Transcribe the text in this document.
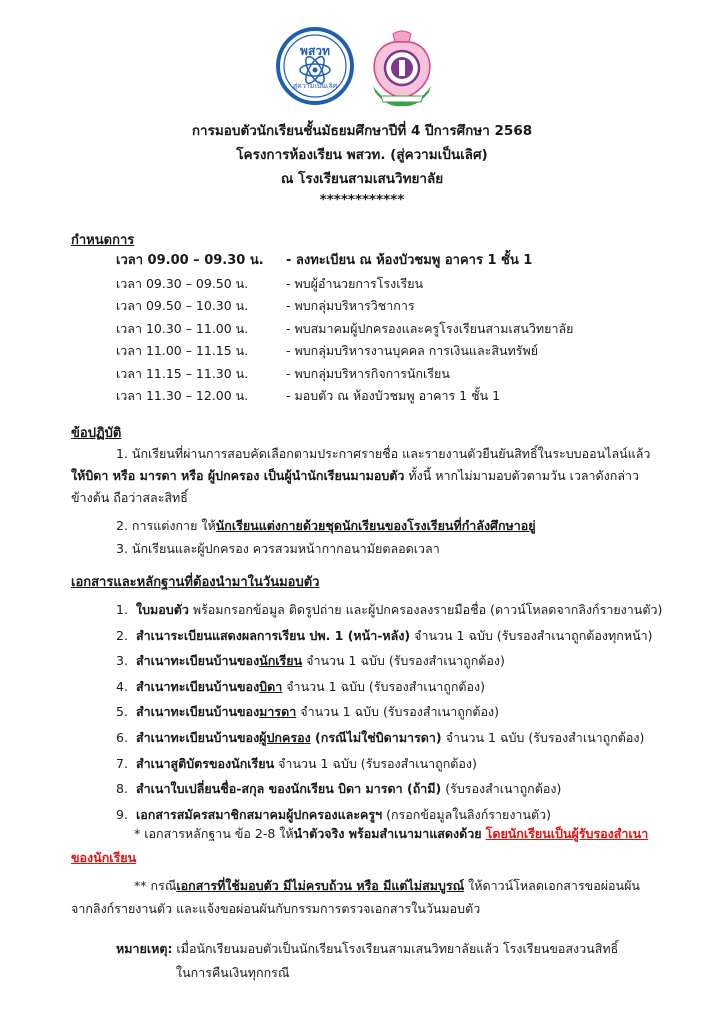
พสวท
สู่ความเป็นเลิศ
การมอบตัวนักเรียนชั้นมัธยมศึกษาปีที่ 4 ปีการศึกษา 2568
โครงการห้องเรียน พสวท. (สู่ความเป็นเลิศ)
ณ โรงเรียนสามเสนวิทยาลัย
************
กำหนดการ
เวลา 09.00 – 09.30 น. - ลงทะเบียน ณ ห้องบัวชมพู อาคาร 1 ชั้น 1
เวลา 09.30 – 09.50 น.	- พบผู้อำนวยการโรงเรียน
เวลา 09.50 – 10.30 น.	- พบกลุ่มบริหารวิชาการ
เวลา 10.30 – 11.00 น.	- พบสมาคมผู้ปกครองและครูโรงเรียนสามเสนวิทยาลัย
เวลา 11.00 – 11.15 น.	- พบกลุ่มบริหารงานบุคคล การเงินและสินทรัพย์
เวลา 11.15 – 11.30 น.	- พบกลุ่มบริหารกิจการนักเรียน
เวลา 11.30 – 12.00 น.	- มอบตัว ณ ห้องบัวชมพู อาคาร 1 ชั้น 1
ข้อปฏิบัติ
1. นักเรียนที่ผ่านการสอบคัดเลือกตามประกาศรายชื่อ และรายงานตัวยืนยันสิทธิ์ในระบบออนไลน์แล้ว
ให้บิดา หรือ มารดา หรือ ผู้ปกครอง เป็นผู้นำนักเรียนมามอบตัว ทั้งนี้ หากไม่มามอบตัวตามวัน เวลาดังกล่าว
ข้างต้น ถือว่าสละสิทธิ์
2. การแต่งกาย ให้นักเรียนแต่งกายด้วยชุดนักเรียนของโรงเรียนที่กำลังศึกษาอยู่
3. นักเรียนและผู้ปกครอง ควรสวมหน้ากากอนามัยตลอดเวลา
เอกสารและหลักฐานที่ต้องนำมาในวันมอบตัว
1. ใบมอบตัว พร้อมกรอกข้อมูล ติดรูปถ่าย และผู้ปกครองลงรายมือชื่อ (ดาวน์โหลดจากลิงก์รายงานตัว)
2. สำเนาระเบียนแสดงผลการเรียน ปพ. 1 (หน้า-หลัง) จำนวน 1 ฉบับ (รับรองสำเนาถูกต้องทุกหน้า)
3. สำเนาทะเบียนบ้านของนักเรียน จำนวน 1 ฉบับ (รับรองสำเนาถูกต้อง)
4. สำเนาทะเบียนบ้านของบิดา จำนวน 1 ฉบับ (รับรองสำเนาถูกต้อง)
5. สำเนาทะเบียนบ้านของมารดา จำนวน 1 ฉบับ (รับรองสำเนาถูกต้อง)
6. สำเนาทะเบียนบ้านของผู้ปกครอง (กรณีไม่ใช่บิดามารดา) จำนวน 1 ฉบับ (รับรองสำเนาถูกต้อง)
7. สำเนาสูติบัตรของนักเรียน จำนวน 1 ฉบับ (รับรองสำเนาถูกต้อง)
8. สำเนาใบเปลี่ยนชื่อ-สกุล ของนักเรียน บิดา มารดา (ถ้ามี) (รับรองสำเนาถูกต้อง)
9. เอกสารสมัครสมาชิกสมาคมผู้ปกครองและครูฯ (กรอกข้อมูลในลิงก์รายงานตัว)
* เอกสารหลักฐาน ข้อ 2-8 ให้นำตัวจริง พร้อมสำเนามาแสดงด้วย โดยนักเรียนเป็นผู้รับรองสำเนา
ของนักเรียน
** กรณีเอกสารที่ใช้มอบตัว มีไม่ครบถ้วน หรือ มีแต่ไม่สมบูรณ์ ให้ดาวน์โหลดเอกสารขอผ่อนผัน
จากลิงก์รายงานตัว และแจ้งขอผ่อนผันกับกรรมการตรวจเอกสารในวันมอบตัว
หมายเหตุ: เมื่อนักเรียนมอบตัวเป็นนักเรียนโรงเรียนสามเสนวิทยาลัยแล้ว โรงเรียนขอสงวนสิทธิ์
ในการคืนเงินทุกกรณี
